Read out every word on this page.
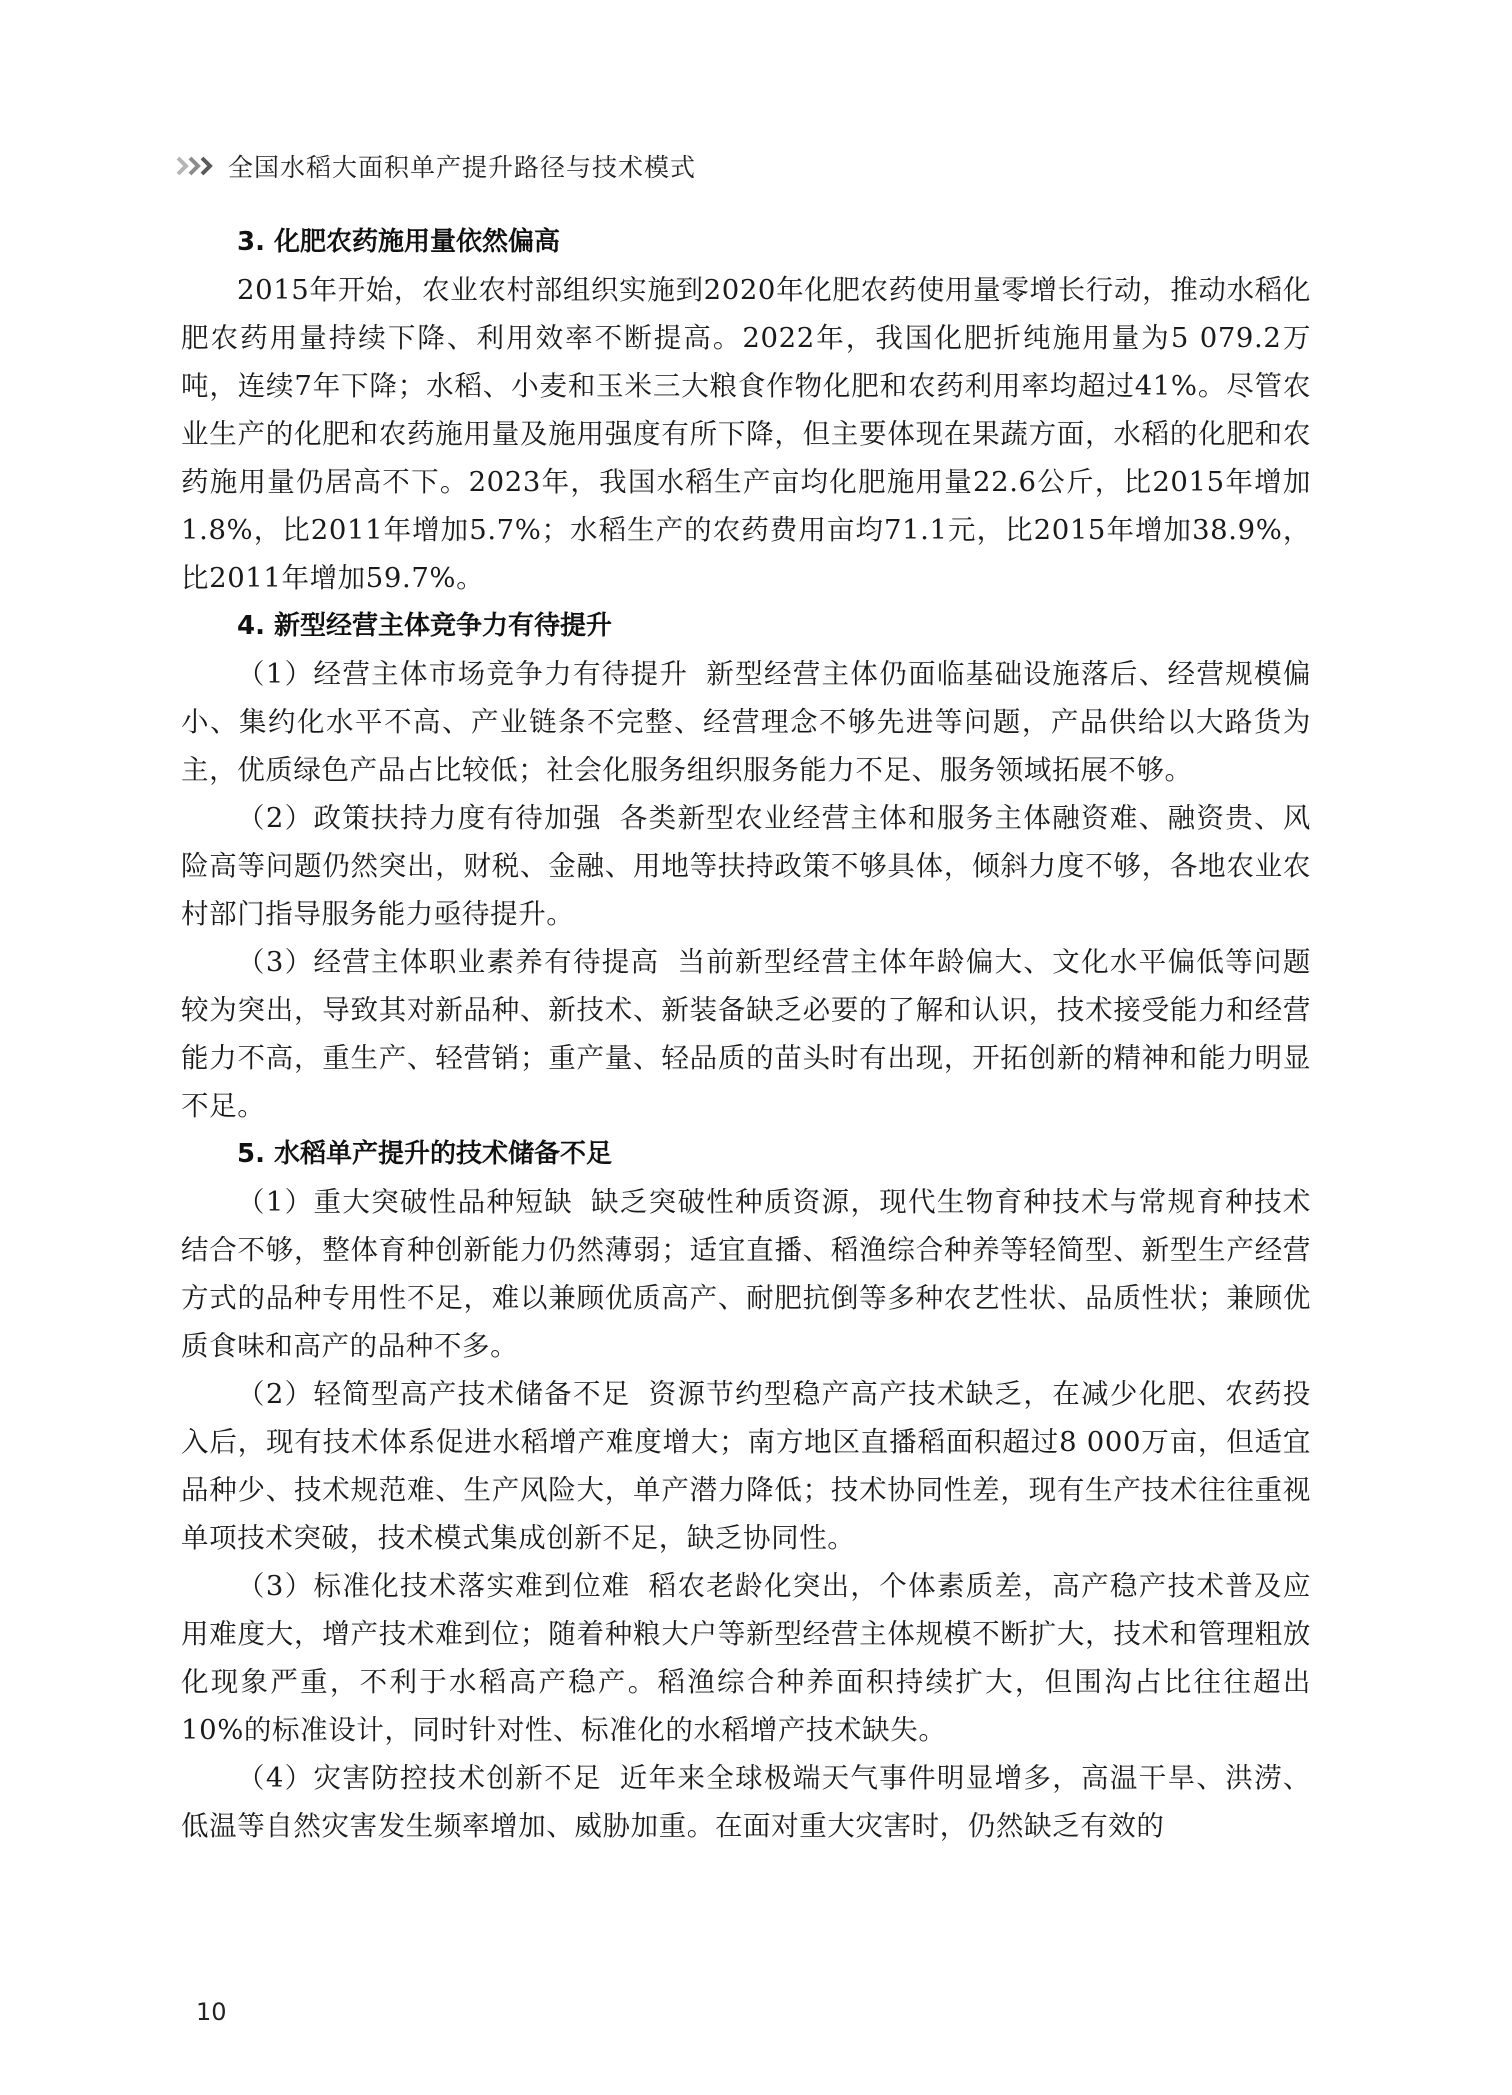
全国水稻大面积单产提升路径与技术模式
3. 化肥农药施用量依然偏高

2015年开始，农业农村部组织实施到2020年化肥农药使用量零增长行动，推动水稻化肥农药用量持续下降、利用效率不断提高。2022年，我国化肥折纯施用量为5 079.2万吨，连续7年下降；水稻、小麦和玉米三大粮食作物化肥和农药利用率均超过41%。尽管农业生产的化肥和农药施用量及施用强度有所下降，但主要体现在果蔬方面，水稻的化肥和农药施用量仍居高不下。2023年，我国水稻生产亩均化肥施用量22.6公斤，比2015年增加1.8%，比2011年增加5.7%；水稻生产的农药费用亩均71.1元，比2015年增加38.9%，比2011年增加59.7%。

4. 新型经营主体竞争力有待提升

（1）经营主体市场竞争力有待提升 新型经营主体仍面临基础设施落后、经营规模偏小、集约化水平不高、产业链条不完整、经营理念不够先进等问题，产品供给以大路货为主，优质绿色产品占比较低；社会化服务组织服务能力不足、服务领域拓展不够。

（2）政策扶持力度有待加强 各类新型农业经营主体和服务主体融资难、融资贵、风险高等问题仍然突出，财税、金融、用地等扶持政策不够具体，倾斜力度不够，各地农业农村部门指导服务能力亟待提升。

（3）经营主体职业素养有待提高 当前新型经营主体年龄偏大、文化水平偏低等问题较为突出，导致其对新品种、新技术、新装备缺乏必要的了解和认识，技术接受能力和经营能力不高，重生产、轻营销；重产量、轻品质的苗头时有出现，开拓创新的精神和能力明显不足。

5. 水稻单产提升的技术储备不足

（1）重大突破性品种短缺 缺乏突破性种质资源，现代生物育种技术与常规育种技术结合不够，整体育种创新能力仍然薄弱；适宜直播、稻渔综合种养等轻简型、新型生产经营方式的品种专用性不足，难以兼顾优质高产、耐肥抗倒等多种农艺性状、品质性状；兼顾优质食味和高产的品种不多。

（2）轻简型高产技术储备不足 资源节约型稳产高产技术缺乏，在减少化肥、农药投入后，现有技术体系促进水稻增产难度增大；南方地区直播稻面积超过8 000万亩，但适宜品种少、技术规范难、生产风险大，单产潜力降低；技术协同性差，现有生产技术往往重视单项技术突破，技术模式集成创新不足，缺乏协同性。

（3）标准化技术落实难到位难 稻农老龄化突出，个体素质差，高产稳产技术普及应用难度大，增产技术难到位；随着种粮大户等新型经营主体规模不断扩大，技术和管理粗放化现象严重，不利于水稻高产稳产。稻渔综合种养面积持续扩大，但围沟占比往往超出10%的标准设计，同时针对性、标准化的水稻增产技术缺失。

（4）灾害防控技术创新不足 近年来全球极端天气事件明显增多，高温干旱、洪涝、低温等自然灾害发生频率增加、威胁加重。在面对重大灾害时，仍然缺乏有效的

10
